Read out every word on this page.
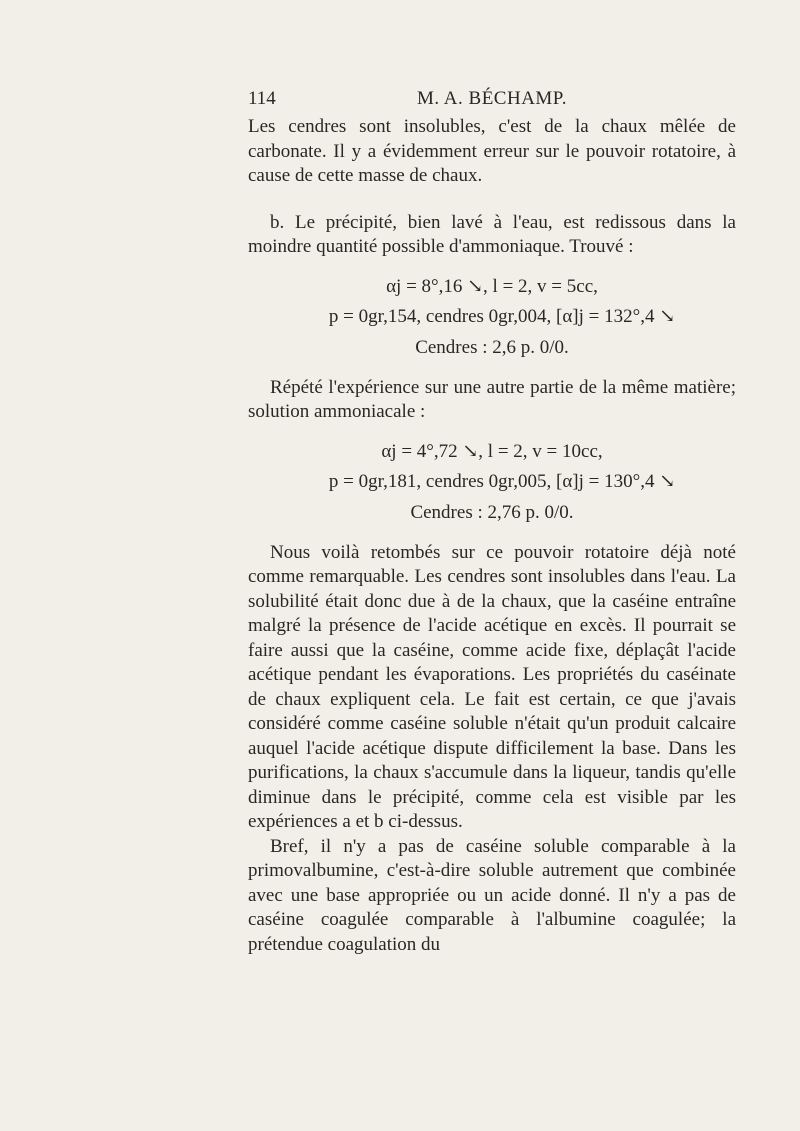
114	M. A. BÉCHAMP.

Les cendres sont insolubles, c'est de la chaux mêlée de carbonate. Il y a évidemment erreur sur le pouvoir rotatoire, à cause de cette masse de chaux.

b. Le précipité, bien lavé à l'eau, est redissous dans la moindre quantité possible d'ammoniaque. Trouvé :

αj = 8°,16 ↘, l = 2, v = 5cc,
p = 0gr,154, cendres 0gr,004, [α]j = 132°,4 ↘
Cendres : 2,6 p. 0/0.

Répété l'expérience sur une autre partie de la même matière; solution ammoniacale :

αj = 4°,72 ↘, l = 2, v = 10cc,
p = 0gr,181, cendres 0gr,005, [α]j = 130°,4 ↘
Cendres : 2,76 p. 0/0.

Nous voilà retombés sur ce pouvoir rotatoire déjà noté comme remarquable. Les cendres sont insolubles dans l'eau. La solubilité était donc due à de la chaux, que la caséine entraîne malgré la présence de l'acide acétique en excès. Il pourrait se faire aussi que la caséine, comme acide fixe, déplaçât l'acide acétique pendant les évaporations. Les propriétés du caséinate de chaux expliquent cela. Le fait est certain, ce que j'avais considéré comme caséine soluble n'était qu'un produit calcaire auquel l'acide acétique dispute difficilement la base. Dans les purifications, la chaux s'accumule dans la liqueur, tandis qu'elle diminue dans le précipité, comme cela est visible par les expériences a et b ci-dessus.

Bref, il n'y a pas de caséine soluble comparable à la primovalbumine, c'est-à-dire soluble autrement que combinée avec une base appropriée ou un acide donné. Il n'y a pas de caséine coagulée comparable à l'albumine coagulée; la prétendue coagulation du
